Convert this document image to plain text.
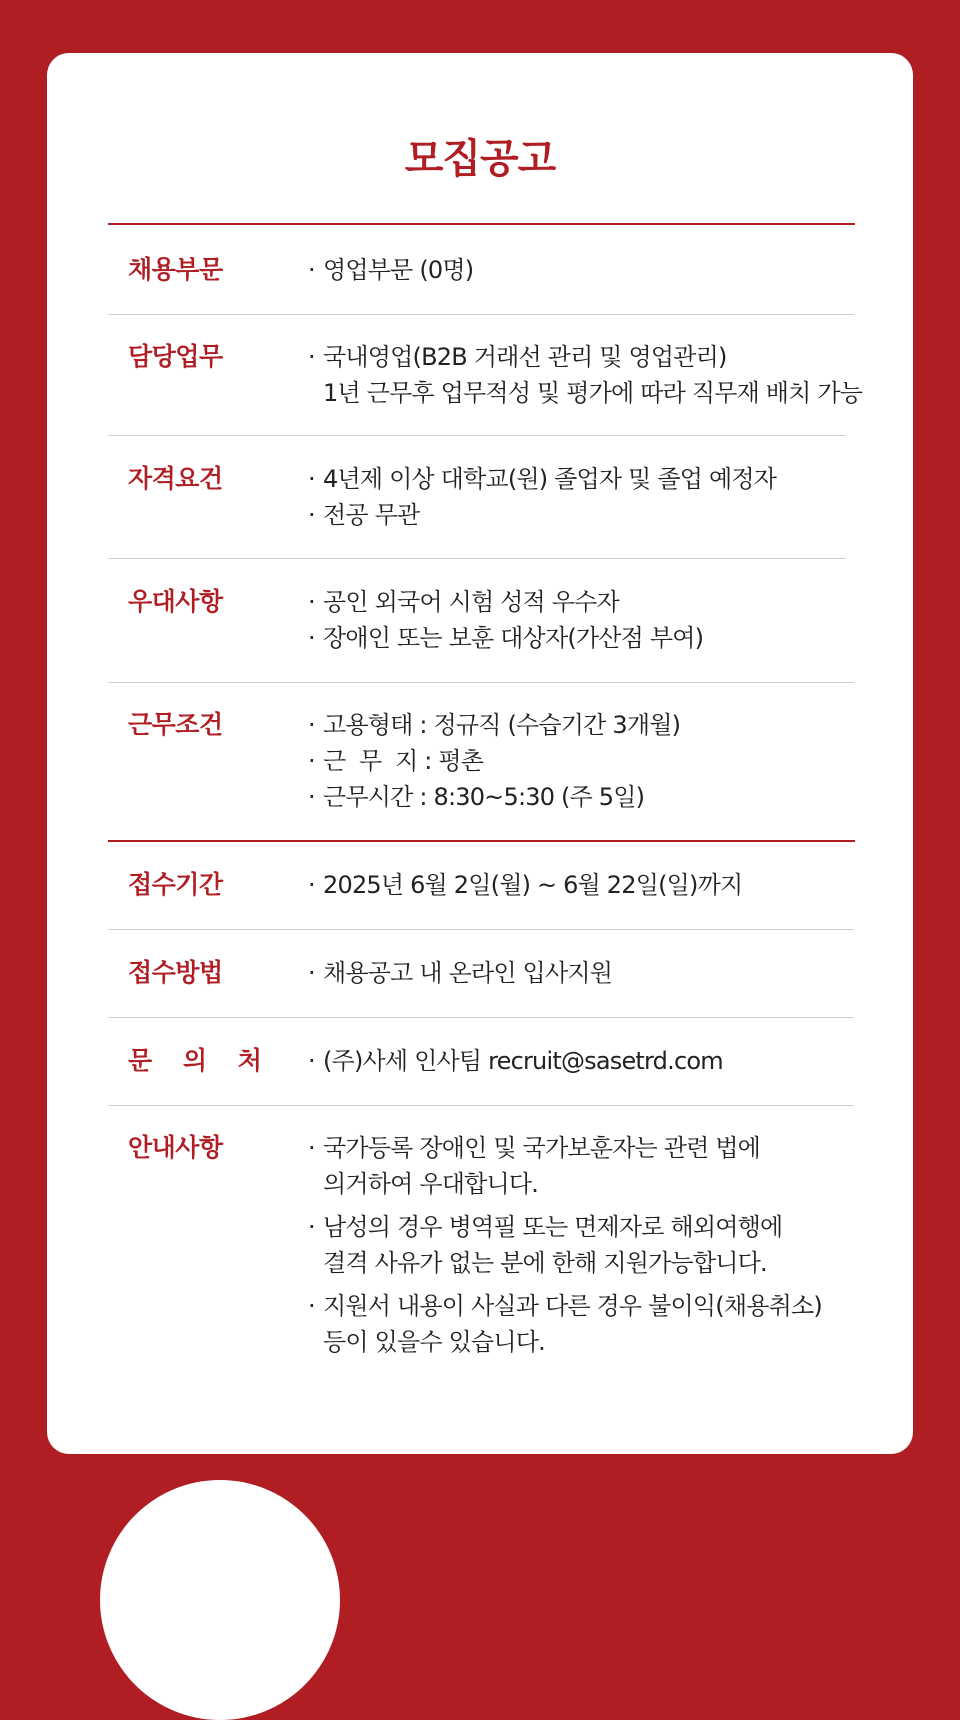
모집공고

채용부문	· 영업부문 (0명)

담당업무	· 국내영업(B2B 거래선 관리 및 영업관리)
1년 근무후 업무적성 및 평가에 따라 직무재 배치 가능

자격요건	· 4년제 이상 대학교(원) 졸업자 및 졸업 예정자

· 전공 무관

우대사항	· 공인 외국어 시험 성적 우수자

· 장애인 또는 보훈 대상자(가산점 부여)

근무조건	· 고용형태 : 정규직 (수습기간 3개월)

· 근  무  지 : 평촌

· 근무시간 : 8:30~5:30 (주 5일)

접수기간	· 2025년 6월 2일(월) ~ 6월 22일(일)까지

접수방법	· 채용공고 내 온라인 입사지원

문 의 처 · (주)사세 인사팀 recruit@sasetrd.com

안내사항	· 국가등록 장애인 및 국가보훈자는 관련 법에
의거하여 우대합니다.

· 남성의 경우 병역필 또는 면제자로 해외여행에
결격 사유가 없는 분에 한해 지원가능합니다.

· 지원서 내용이 사실과 다른 경우 불이익(채용취소)
등이 있을수 있습니다.
